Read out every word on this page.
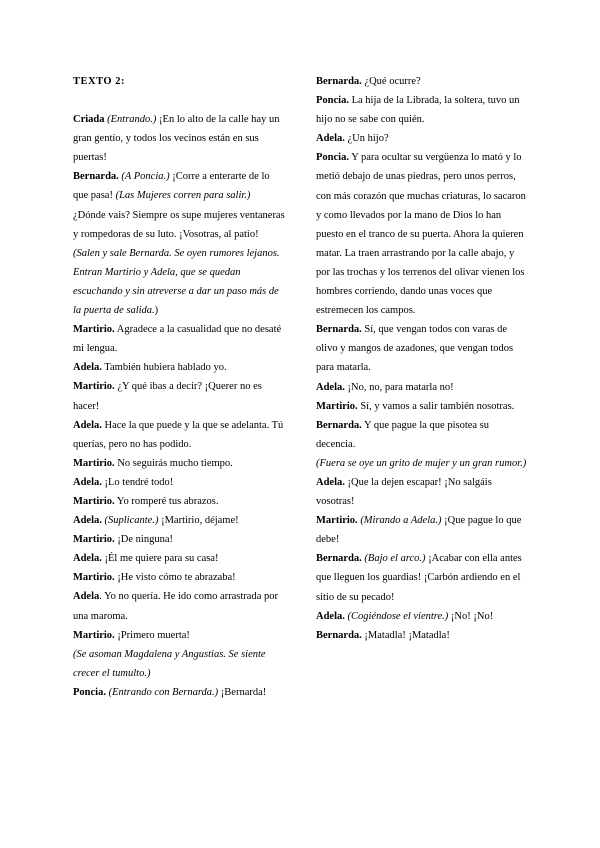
TEXTO 2:

Criada (Entrando.) ¡En lo alto de la calle hay un gran gentío, y todos los vecinos están en sus puertas!

Bernarda. (A Poncia.) ¡Corre a enterarte de lo que pasa! (Las Mujeres corren para salir.) ¿Dónde vais? Siempre os supe mujeres ventaneras y rompedoras de su luto. ¡Vosotras, al patio!

(Salen y sale Bernarda. Se oyen rumores lejanos. Entran Martirio y Adela, que se quedan escuchando y sin atreverse a dar un paso más de la puerta de salida.)

Martirio. Agradece a la casualidad que no desaté mi lengua.

Adela. También hubiera hablado yo.

Martirio. ¿Y qué ibas a decir? ¡Querer no es hacer!

Adela. Hace la que puede y la que se adelanta. Tú querías, pero no has podido.

Martirio. No seguirás mucho tiempo.

Adela. ¡Lo tendré todo!

Martirio. Yo romperé tus abrazos.

Adela. (Suplicante.) ¡Martirio, déjame!

Martirio. ¡De ninguna!

Adela. ¡Él me quiere para su casa!

Martirio. ¡He visto cómo te abrazaba!

Adela. Yo no quería. He ido como arrastrada por una maroma.

Martirio. ¡Primero muerta!

(Se asoman Magdalena y Angustias. Se siente crecer el tumulto.)

Poncia. (Entrando con Bernarda.) ¡Bernarda!

Bernarda. ¿Qué ocurre?

Poncia. La hija de la Librada, la soltera, tuvo un hijo no se sabe con quién.

Adela. ¿Un hijo?

Poncia. Y para ocultar su vergüenza lo mató y lo metió debajo de unas piedras, pero unos perros, con más corazón que muchas criaturas, lo sacaron y como llevados por la mano de Dios lo han puesto en el tranco de su puerta. Ahora la quieren matar. La traen arrastrando por la calle abajo, y por las trochas y los terrenos del olivar vienen los hombres corriendo, dando unas voces que estremecen los campos.

Bernarda. Sí, que vengan todos con varas de olivo y mangos de azadones, que vengan todos para matarla.

Adela. ¡No, no, para matarla no!

Martirio. Sí, y vamos a salir también nosotras.

Bernarda. Y que pague la que pisotea su decencia.

(Fuera se oye un grito de mujer y un gran rumor.)

Adela. ¡Que la dejen escapar! ¡No salgáis vosotras!

Martirio. (Mirando a Adela.) ¡Que pague lo que debe!

Bernarda. (Bajo el arco.) ¡Acabar con ella antes que lleguen los guardias! ¡Carbón ardiendo en el sitio de su pecado!

Adela. (Cogiéndose el vientre.) ¡No! ¡No!

Bernarda. ¡Matadla! ¡Matadla!
